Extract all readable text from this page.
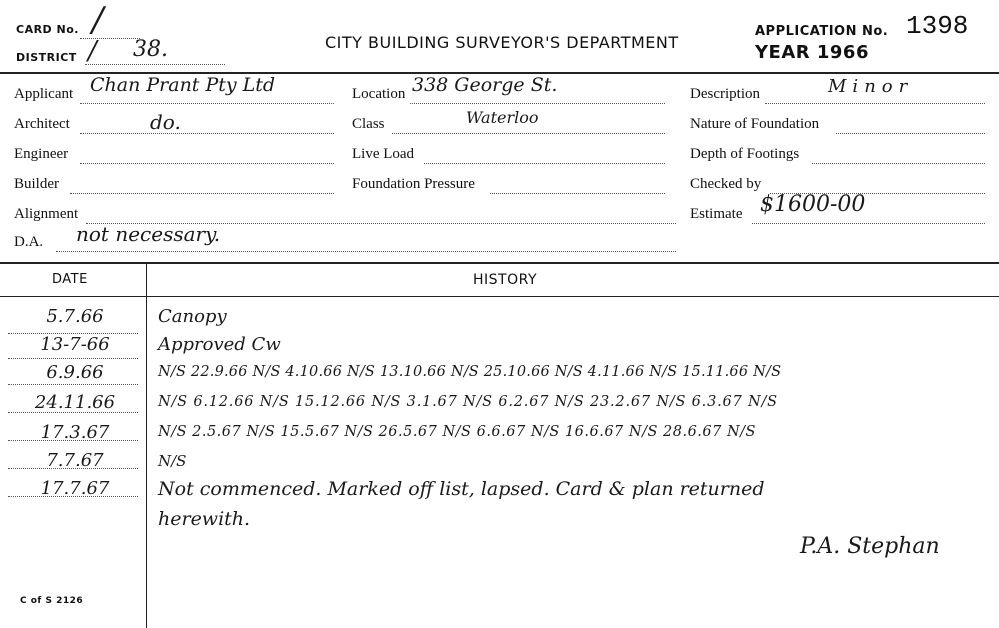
CARD No. /
DISTRICT / 38.	CITY BUILDING SURVEYOR'S DEPARTMENT
APPLICATION No. 1398
YEAR 1966
Applicant Chan Prant Pty Ltd
Architect	do.
Engineer
Builder
Alignment
D.A. not necessary.
Location 338 George St.
Class	Waterloo
Live Load
Foundation Pressure
Description	Minor
Nature of Foundation
Depth of Footings
Checked by
Estimate $1600-00
DATE	HISTORY
5.7.66	Canopy
13-7-66	Approved Cw
6.9.66	N/S 22.9.66 N/S 4.10.66 N/S 13.10.66 N/S 25.10.66 N/S 4.11.66 N/S 15.11.66 N/S
24.11.66	N/S 6.12.66 N/S 15.12.66 N/S 3.1.67 N/S 6.2.67 N/S 23.2.67 N/S 6.3.67 N/S
17.3.67	N/S 2.5.67 N/S 15.5.67 N/S 26.5.67 N/S 6.6.67 N/S 16.6.67 N/S 28.6.67 N/S
7.7.67	N/S
17.7.67	Not commenced. Marked off list, lapsed. Card & plan returned
herewith.
P.A. Stephan
C of S 2126
